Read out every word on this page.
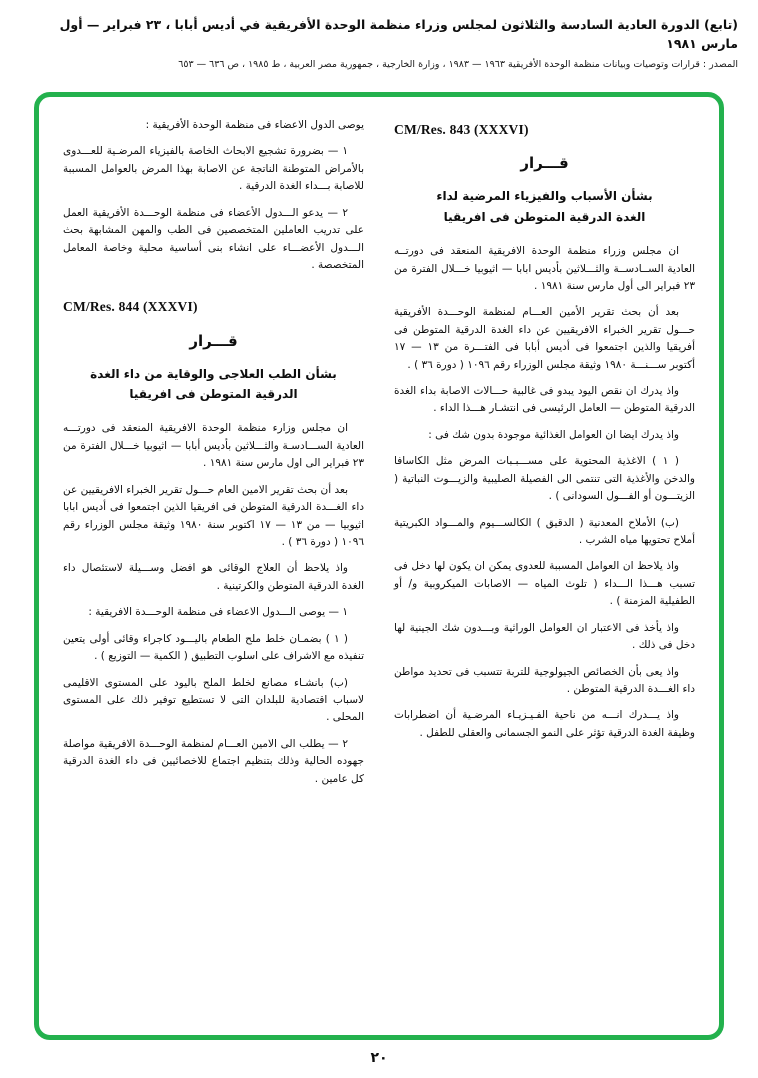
(تابع) الدورة العادية السادسة والثلاثون لمجلس وزراء منظمة الوحدة الأفريقية في أديس أبابا ، ٢٣ فبراير — أول مارس ١٩٨١
المصدر : قرارات وتوصيات وبيانات منظمة الوحدة الأفريقية ١٩٦٣ — ١٩٨٣ ، وزارة الخارجية ، جمهورية مصر العربية ، ط ١٩٨٥ ، ص ٦٣٦ — ٦٥٣
CM/Res. 843 (XXXVI)
قـــرار
بشأن الأسباب والفيزياء المرضية لداء
الغدة الدرقية المتوطن فى افريقيا

ان مجلس وزراء منظمة الوحدة الافريقية المنعقد فى دورتــه العادية الســادســة والثـــلاثين بأديس ابابا — اثيوبيا خـــلال الفترة من ٢٣ فبراير الى أول مارس سنة ١٩٨١ .

بعد أن بحث تقرير الأمين العـــام لمنظمة الوحـــدة الأفريقية حـــول تقرير الخبراء الافريقيين عن داء الغدة الدرقية المتوطن فى أفريقيا والذين اجتمعوا فى أديس أبابا فى الفتـــرة من ١٣ — ١٧ أكتوبر ســـنـــة ١٩٨٠ وثيقة مجلس الوزراء رقم ١٠٩٦ ( دورة ٣٦ ) .

واذ يدرك ان نقص اليود يبدو فى غالبية حـــالات الاصابة بداء الغدة الدرقية المتوطن — العامل الرئيسى فى انتشـار هـــذا الداء .

واذ يدرك ايضا ان العوامل الغذائية موجودة بدون شك فى :

( ١ ) الاغذية المحتوية على مســـبـبات المرض مثل الكاسافا والدخن والأغذية التى تنتمى الى الفصيلة الصليبية والزيـــوت النباتية ( الزيتـــون أو الفـــول السودانى ) .

(ب) الأملاح المعدنية ( الدقيق ) الكالســـيوم والمـــواد الكبريتية أملاح تحتويها مياه الشرب .

واذ يلاحظ ان العوامل المسببة للعدوى يمكن ان يكون لها دخل فى تسبب هـــذا الـــداء ( تلوث المياه — الاصابات الميكروبية و/ أو الطفيلية المزمنة ) .

واذ يأخذ فى الاعتبار ان العوامل الوراثية وبـــدون شك الجينية لها دخل فى ذلك .

واذ يعى بأن الخصائص الجيولوجية للتربة تتسبب فى تحديد مواطن داء الغـــدة الدرقية المتوطن .

واذ يـــدرك انـــه من ناحية الفـيـزيـاء المرضـية أن اضطرابات وظيفة الغدة الدرقية تؤثر على النمو الجسمانى والعقلى للطفل .

يوصى الدول الاعضاء فى منظمة الوحدة الأفريقية :

١ — بضرورة تشجيع الابحاث الخاصة بالفيزياء المرضـية للعـــدوى بالأمراض المتوطنة الناتجة عن الاصابة بهذا المرض بالعوامل المسببة للاصابة بـــداء الغدة الدرقية .

٢ — يدعو الـــدول الأعضاء فى منظمة الوحـــدة الأفريقية العمل على تدريب العاملين المتخصصين فى الطب والمهن المشابهة بحث الـــدول الأعضـــاء على انشاء بنى أساسية محلية وخاصة المعامل المتخصصة .

CM/Res. 844 (XXXVI)
قـــرار
بشأن الطب العلاجى والوقاية من داء الغدة
الدرقية المتوطن فى افريقيا

ان مجلس وزارء منظمة الوحدة الافريقية المنعقد فى دورتـــه العادية الســـادسـة والثـــلاثين بأديس أبابا — اثيوبيا خـــلال الفترة من ٢٣ فبراير الى اول مارس سنة ١٩٨١ .

بعد أن بحث تقرير الامين العام حـــول تقرير الخبراء الافريقيين عن داء الغـــدة الدرقية المتوطن فى افريقيا الذين اجتمعوا فى أديس ابابا اثيوبيا — من ١٣ — ١٧ اكتوبر سنة ١٩٨٠ وثيقة مجلس الوزراء رقم ١٠٩٦ ( دورة ٣٦ ) .

واذ يلاحظ أن العلاج الوقائى هو افضل وســـيلة لاستئصال داء الغدة الدرقية المتوطن والكرتينية .

١ — يوصى الـــدول الاعضاء فى منظمة الوحـــدة الافريقية :

( ١ ) بضمـان خلط ملح الطعام باليـــود كاجراء وقائى أولى يتعين تنفيذه مع الاشراف على اسلوب التطبيق ( الكمية — التوزيع ) .

(ب) بانشـاء مصانع لخلط الملح باليود على المستوى الاقليمى لاسباب اقتصادية للبلدان التى لا تستطيع توفير ذلك على المستوى المحلى .

٢ — يطلب الى الامين العـــام لمنظمة الوحـــدة الافريقية مواصلة جهوده الحالية وذلك بتنظيم اجتماع للاخصائيين فى داء الغدة الدرقية كل عامين .

٢٠
